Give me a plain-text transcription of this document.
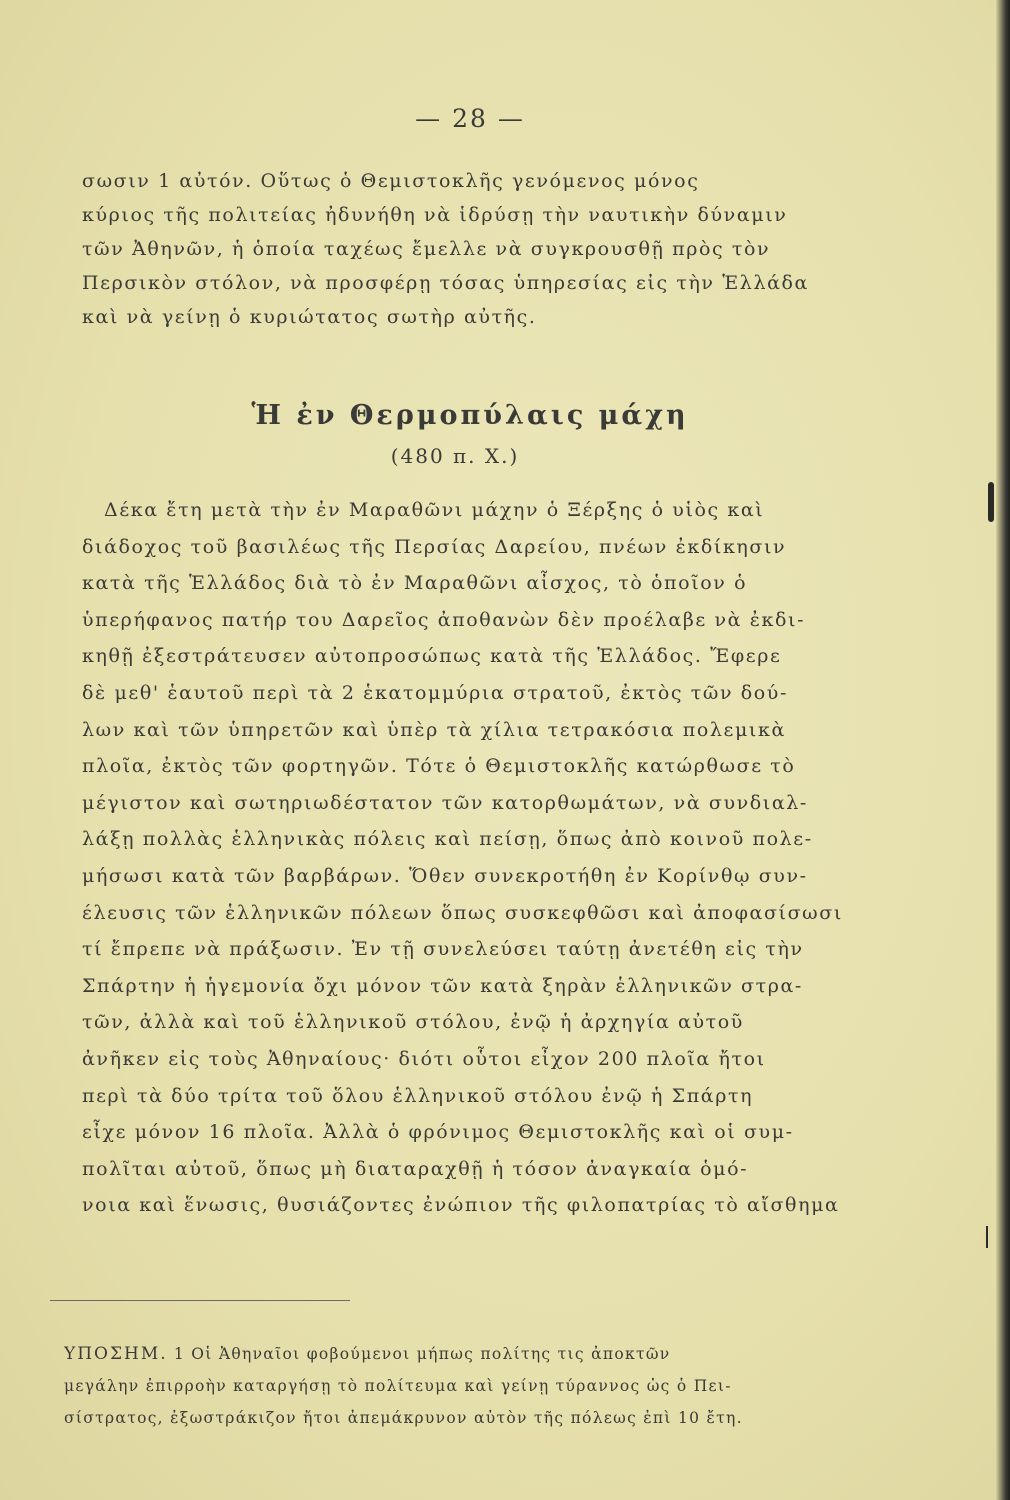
— 28 —
σωσιν 1 αὐτόν. Οὕτως ὁ Θεμιστοκλῆς γενόμενος μόνος
κύριος τῆς πολιτείας ἠδυνήθη νὰ ἱδρύσῃ τὴν ναυτικὴν δύναμιν
τῶν Ἀθηνῶν, ἡ ὁποία ταχέως ἔμελλε νὰ συγκρουσθῇ πρὸς τὸν
Περσικὸν στόλον, νὰ προσφέρῃ τόσας ὑπηρεσίας εἰς τὴν Ἑλλάδα
καὶ νὰ γείνῃ ὁ κυριώτατος σωτὴρ αὐτῆς.
Ἡ ἐν Θερμοπύλαις μάχη
(480 π. Χ.)
Δέκα ἔτη μετὰ τὴν ἐν Μαραθῶνι μάχην ὁ Ξέρξης ὁ υἱὸς καὶ
διάδοχος τοῦ βασιλέως τῆς Περσίας Δαρείου, πνέων ἐκδίκησιν
κατὰ τῆς Ἑλλάδος διὰ τὸ ἐν Μαραθῶνι αἶσχος, τὸ ὁποῖον ὁ
ὑπερήφανος πατήρ του Δαρεῖος ἀποθανὼν δὲν προέλαβε νὰ ἐκδι-
κηθῇ ἐξεστράτευσεν αὐτοπροσώπως κατὰ τῆς Ἑλλάδος. Ἔφερε
δὲ μεθ' ἑαυτοῦ περὶ τὰ 2 ἑκατομμύρια στρατοῦ, ἐκτὸς τῶν δού-
λων καὶ τῶν ὑπηρετῶν καὶ ὑπὲρ τὰ χίλια τετρακόσια πολεμικὰ
πλοῖα, ἐκτὸς τῶν φορτηγῶν. Τότε ὁ Θεμιστοκλῆς κατώρθωσε τὸ
μέγιστον καὶ σωτηριωδέστατον τῶν κατορθωμάτων, νὰ συνδιαλ-
λάξῃ πολλὰς ἑλληνικὰς πόλεις καὶ πείσῃ, ὅπως ἀπὸ κοινοῦ πολε-
μήσωσι κατὰ τῶν βαρβάρων. Ὅθεν συνεκροτήθη ἐν Κορίνθῳ συν-
έλευσις τῶν ἑλληνικῶν πόλεων ὅπως συσκεφθῶσι καὶ ἀποφασίσωσι
τί ἔπρεπε νὰ πράξωσιν. Ἐν τῇ συνελεύσει ταύτῃ ἀνετέθη εἰς τὴν
Σπάρτην ἡ ἡγεμονία ὄχι μόνον τῶν κατὰ ξηρὰν ἑλληνικῶν στρα-
τῶν, ἀλλὰ καὶ τοῦ ἑλληνικοῦ στόλου, ἐνῷ ἡ ἀρχηγία αὐτοῦ
ἀνῆκεν εἰς τοὺς Ἀθηναίους· διότι οὗτοι εἶχον 200 πλοῖα ἤτοι
περὶ τὰ δύο τρίτα τοῦ ὅλου ἑλληνικοῦ στόλου ἐνῷ ἡ Σπάρτη
εἶχε μόνον 16 πλοῖα. Ἀλλὰ ὁ φρόνιμος Θεμιστοκλῆς καὶ οἱ συμ-
πολῖται αὐτοῦ, ὅπως μὴ διαταραχθῇ ἡ τόσον ἀναγκαία ὁμό-
νοια καὶ ἕνωσις, θυσιάζοντες ἐνώπιον τῆς φιλοπατρίας τὸ αἴσθημα
ΥΠΟΣΗΜ. 1 Οἱ Ἀθηναῖοι φοβούμενοι μήπως πολίτης τις ἀποκτῶν
μεγάλην ἐπιρροὴν καταργήσῃ τὸ πολίτευμα καὶ γείνῃ τύραννος ὡς ὁ Πει-
σίστρατος, ἐξωστράκιζον ἤτοι ἀπεμάκρυνον αὐτὸν τῆς πόλεως ἐπὶ 10 ἔτη.
